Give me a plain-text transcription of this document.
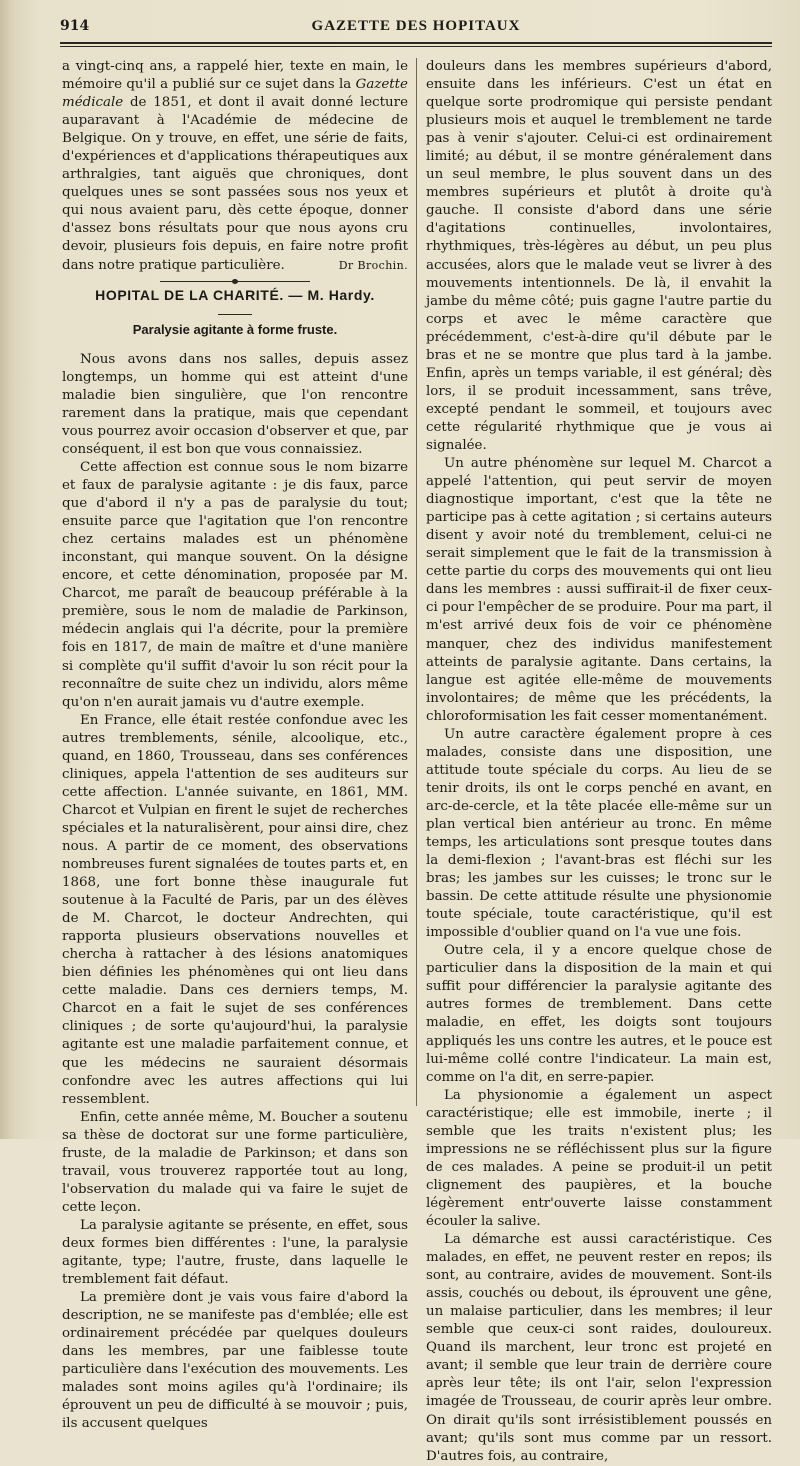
914	GAZETTE DES HOPITAUX

a vingt-cinq ans, a rappelé hier, texte en main, le mémoire qu'il a publié sur ce sujet dans la Gazette médicale de 1851, et dont il avait donné lecture auparavant à l'Académie de médecine de Belgique. On y trouve, en effet, une série de faits, d'expériences et d'applications thérapeutiques aux arthralgies, tant aiguës que chroniques, dont quelques unes se sont passées sous nos yeux et qui nous avaient paru, dès cette époque, donner d'assez bons résultats pour que nous ayons cru devoir, plusieurs fois depuis, en faire notre profit dans notre pratique particulière.	Dr Brochin.
HOPITAL DE LA CHARITÉ. — M. Hardy.
Paralysie agitante à forme fruste.

Nous avons dans nos salles, depuis assez longtemps, un homme qui est atteint d'une maladie bien singulière, que l'on rencontre rarement dans la pratique, mais que cependant vous pourrez avoir occasion d'observer et que, par conséquent, il est bon que vous connaissiez.

Cette affection est connue sous le nom bizarre et faux de paralysie agitante : je dis faux, parce que d'abord il n'y a pas de paralysie du tout; ensuite parce que l'agitation que l'on rencontre chez certains malades est un phénomène inconstant, qui manque souvent. On la désigne encore, et cette dénomination, proposée par M. Charcot, me paraît de beaucoup préférable à la première, sous le nom de maladie de Parkinson, médecin anglais qui l'a décrite, pour la première fois en 1817, de main de maître et d'une manière si complète qu'il suffit d'avoir lu son récit pour la reconnaître de suite chez un individu, alors même qu'on n'en aurait jamais vu d'autre exemple.

En France, elle était restée confondue avec les autres tremblements, sénile, alcoolique, etc., quand, en 1860, Trousseau, dans ses conférences cliniques, appela l'attention de ses auditeurs sur cette affection. L'année suivante, en 1861, MM. Charcot et Vulpian en firent le sujet de recherches spéciales et la naturalisèrent, pour ainsi dire, chez nous. A partir de ce moment, des observations nombreuses furent signalées de toutes parts et, en 1868, une fort bonne thèse inaugurale fut soutenue à la Faculté de Paris, par un des élèves de M. Charcot, le docteur Andrechten, qui rapporta plusieurs observations nouvelles et chercha à rattacher à des lésions anatomiques bien définies les phénomènes qui ont lieu dans cette maladie. Dans ces derniers temps, M. Charcot en a fait le sujet de ses conférences cliniques ; de sorte qu'aujourd'hui, la paralysie agitante est une maladie parfaitement connue, et que les médecins ne sauraient désormais confondre avec les autres affections qui lui ressemblent.

Enfin, cette année même, M. Boucher a soutenu sa thèse de doctorat sur une forme particulière, fruste, de la maladie de Parkinson; et dans son travail, vous trouverez rapportée tout au long, l'observation du malade qui va faire le sujet de cette leçon.

La paralysie agitante se présente, en effet, sous deux formes bien différentes : l'une, la paralysie agitante, type; l'autre, fruste, dans laquelle le tremblement fait défaut.

La première dont je vais vous faire d'abord la description, ne se manifeste pas d'emblée; elle est ordinairement précédée par quelques douleurs dans les membres, par une faiblesse toute particulière dans l'exécution des mouvements. Les malades sont moins agiles qu'à l'ordinaire; ils éprouvent un peu de difficulté à se mouvoir ; puis, ils accusent quelques

douleurs dans les membres supérieurs d'abord, ensuite dans les inférieurs. C'est un état en quelque sorte prodromique qui persiste pendant plusieurs mois et auquel le tremblement ne tarde pas à venir s'ajouter. Celui-ci est ordinairement limité; au début, il se montre généralement dans un seul membre, le plus souvent dans un des membres supérieurs et plutôt à droite qu'à gauche. Il consiste d'abord dans une série d'agitations continuelles, involontaires, rhythmiques, très-légères au début, un peu plus accusées, alors que le malade veut se livrer à des mouvements intentionnels. De là, il envahit la jambe du même côté; puis gagne l'autre partie du corps et avec le même caractère que précédemment, c'est-à-dire qu'il débute par le bras et ne se montre que plus tard à la jambe. Enfin, après un temps variable, il est général; dès lors, il se produit incessamment, sans trêve, excepté pendant le sommeil, et toujours avec cette régularité rhythmique que je vous ai signalée.

Un autre phénomène sur lequel M. Charcot a appelé l'attention, qui peut servir de moyen diagnostique important, c'est que la tête ne participe pas à cette agitation ; si certains auteurs disent y avoir noté du tremblement, celui-ci ne serait simplement que le fait de la transmission à cette partie du corps des mouvements qui ont lieu dans les membres : aussi suffirait-il de fixer ceux-ci pour l'empêcher de se produire. Pour ma part, il m'est arrivé deux fois de voir ce phénomène manquer, chez des individus manifestement atteints de paralysie agitante. Dans certains, la langue est agitée elle-même de mouvements involontaires; de même que les précédents, la chloroformisation les fait cesser momentanément.

Un autre caractère également propre à ces malades, consiste dans une disposition, une attitude toute spéciale du corps. Au lieu de se tenir droits, ils ont le corps penché en avant, en arc-de-cercle, et la tête placée elle-même sur un plan vertical bien antérieur au tronc. En même temps, les articulations sont presque toutes dans la demi-flexion ; l'avant-bras est fléchi sur les bras; les jambes sur les cuisses; le tronc sur le bassin. De cette attitude résulte une physionomie toute spéciale, toute caractéristique, qu'il est impossible d'oublier quand on l'a vue une fois.

Outre cela, il y a encore quelque chose de particulier dans la disposition de la main et qui suffit pour différencier la paralysie agitante des autres formes de tremblement. Dans cette maladie, en effet, les doigts sont toujours appliqués les uns contre les autres, et le pouce est lui-même collé contre l'indicateur. La main est, comme on l'a dit, en serre-papier.

La physionomie a également un aspect caractéristique; elle est immobile, inerte ; il semble que les traits n'existent plus; les impressions ne se réfléchissent plus sur la figure de ces malades. A peine se produit-il un petit clignement des paupières, et la bouche légèrement entr'ouverte laisse constamment écouler la salive.

La démarche est aussi caractéristique. Ces malades, en effet, ne peuvent rester en repos; ils sont, au contraire, avides de mouvement. Sont-ils assis, couchés ou debout, ils éprouvent une gêne, un malaise particulier, dans les membres; il leur semble que ceux-ci sont raides, douloureux. Quand ils marchent, leur tronc est projeté en avant; il semble que leur train de derrière coure après leur tête; ils ont l'air, selon l'expression imagée de Trousseau, de courir après leur ombre. On dirait qu'ils sont irrésistiblement poussés en avant; qu'ils sont mus comme par un ressort. D'autres fois, au contraire,
